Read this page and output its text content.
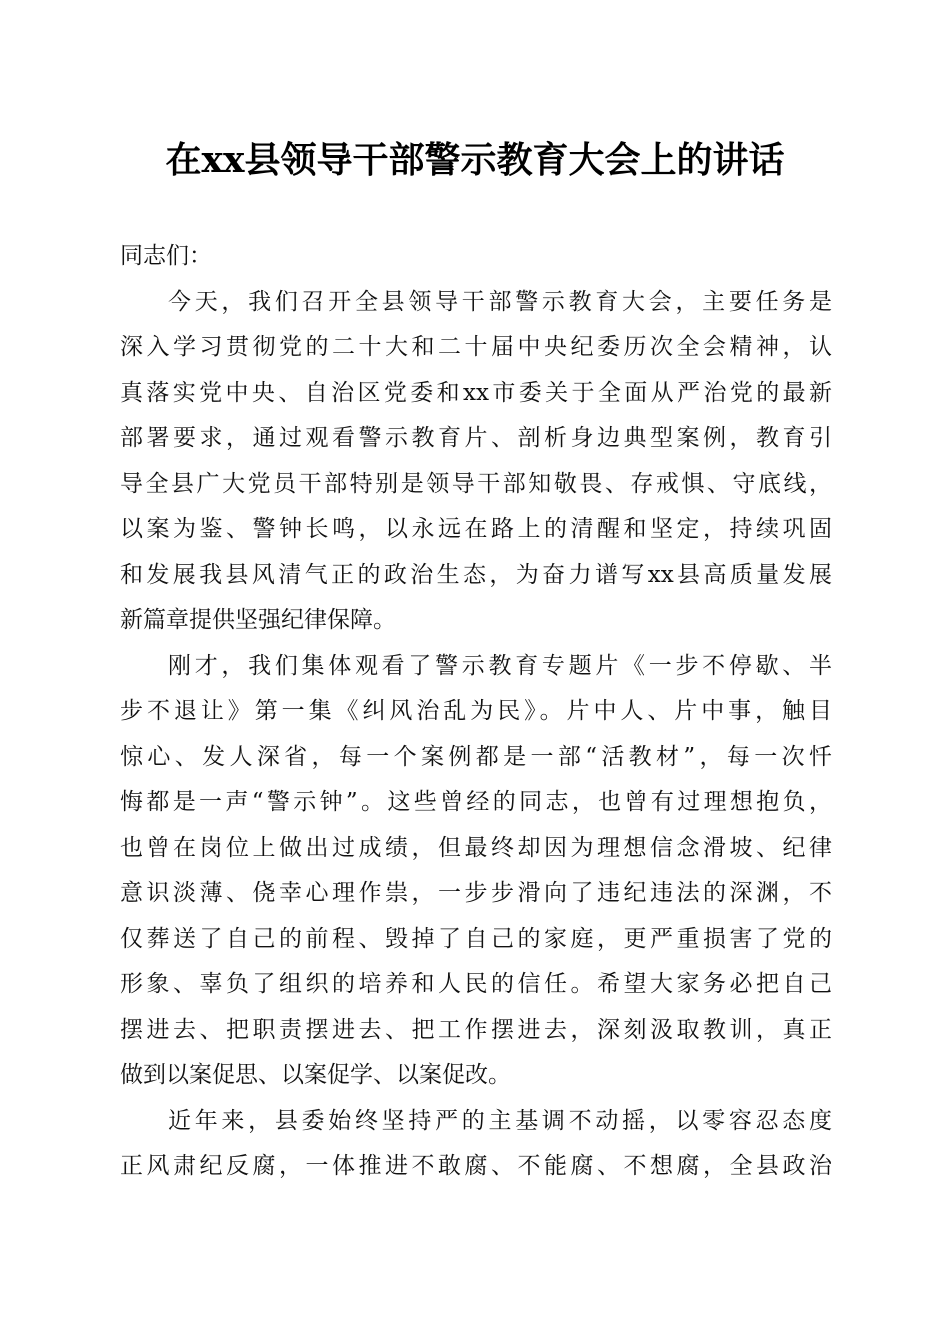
在xx县领导干部警示教育大会上的讲话
同志们：
今天，我们召开全县领导干部警示教育大会，主要任务是
深入学习贯彻党的二十大和二十届中央纪委历次全会精神，认
真落实党中央、自治区党委和xx市委关于全面从严治党的最新
部署要求，通过观看警示教育片、剖析身边典型案例，教育引
导全县广大党员干部特别是领导干部知敬畏、存戒惧、守底线，
以案为鉴、警钟长鸣，以永远在路上的清醒和坚定，持续巩固
和发展我县风清气正的政治生态，为奋力谱写xx县高质量发展
新篇章提供坚强纪律保障。
刚才，我们集体观看了警示教育专题片《一步不停歇、半
步不退让》第一集《纠风治乱为民》。片中人、片中事，触目
惊心、发人深省，每一个案例都是一部“活教材”，每一次忏
悔都是一声“警示钟”。这些曾经的同志，也曾有过理想抱负，
也曾在岗位上做出过成绩，但最终却因为理想信念滑坡、纪律
意识淡薄、侥幸心理作祟，一步步滑向了违纪违法的深渊，不
仅葬送了自己的前程、毁掉了自己的家庭，更严重损害了党的
形象、辜负了组织的培养和人民的信任。希望大家务必把自己
摆进去、把职责摆进去、把工作摆进去，深刻汲取教训，真正
做到以案促思、以案促学、以案促改。
近年来，县委始终坚持严的主基调不动摇，以零容忍态度
正风肃纪反腐，一体推进不敢腐、不能腐、不想腐，全县政治
